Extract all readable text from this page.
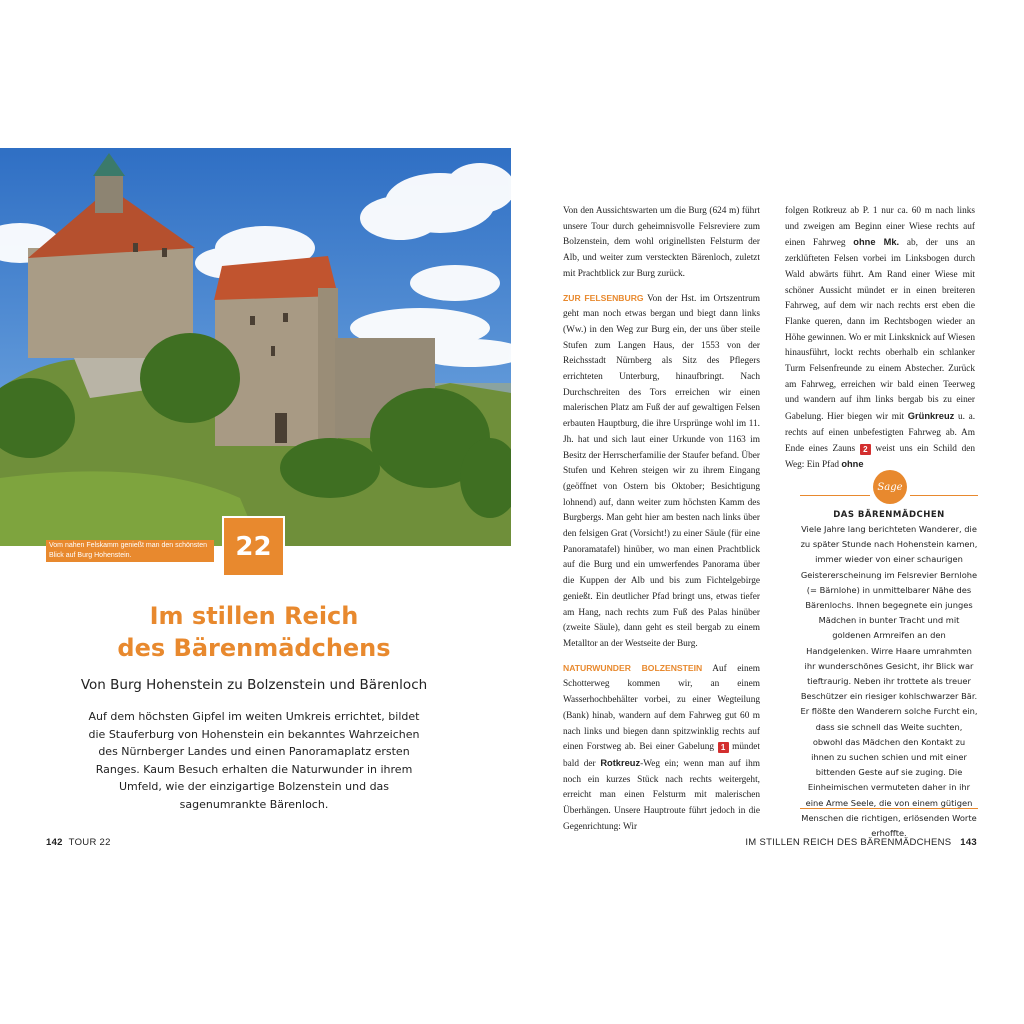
Vom nahen Felskamm genießt man den schönsten Blick auf Burg Hohenstein.	22
Im stillen Reich
des Bärenmädchens
Von Burg Hohenstein zu Bolzenstein und Bärenloch
Auf dem höchsten Gipfel im weiten Umkreis errichtet, bildet die Stauferburg von Hohenstein ein bekanntes Wahrzeichen des Nürnberger Landes und einen Panoramaplatz ersten Ranges. Kaum Besuch erhalten die Naturwunder in ihrem Umfeld, wie der einzigartige Bolzenstein und das sagenumrankte Bärenloch.

Von den Aussichtswarten um die Burg (624 m) führt unsere Tour durch geheimnisvolle Felsreviere zum Bolzenstein, dem wohl originellsten Felsturm der Alb, und weiter zum versteckten Bärenloch, zuletzt mit Prachtblick zur Burg zurück.

ZUR FELSENBURG Von der Hst. im Ortszentrum geht man noch etwas bergan und biegt dann links (Ww.) in den Weg zur Burg ein, der uns über steile Stufen zum Langen Haus, der 1553 von der Reichsstadt Nürnberg als Sitz des Pflegers errichteten Unterburg, hinaufbringt. Nach Durchschreiten des Tors erreichen wir einen malerischen Platz am Fuß der auf gewaltigen Felsen erbauten Hauptburg, die ihre Ursprünge wohl im 11. Jh. hat und sich laut einer Urkunde von 1163 im Besitz der Herrscherfamilie der Staufer befand. Über Stufen und Kehren steigen wir zu ihrem Eingang (geöffnet von Ostern bis Oktober; Besichtigung lohnend) auf, dann weiter zum höchsten Kamm des Burgbergs. Man geht hier am besten nach links über den felsigen Grat (Vorsicht!) zu einer Säule (für eine Panoramatafel) hinüber, wo man einen Prachtblick auf die Burg und ein umwerfendes Panorama über die Kuppen der Alb und bis zum Fichtelgebirge genießt. Ein deutlicher Pfad bringt uns, etwas tiefer am Hang, nach rechts zum Fuß des Palas hinüber (zweite Säule), dann geht es steil bergab zu einem Metalltor an der Westseite der Burg.

NATURWUNDER BOLZENSTEIN Auf einem Schotterweg kommen wir, an einem Wasserhochbehälter vorbei, zu einer Wegteilung (Bank) hinab, wandern auf dem Fahrweg gut 60 m nach links und biegen dann spitzwinklig rechts auf einen Forstweg ab. Bei einer Gabelung 1 mündet bald der Rotkreuz-Weg ein; wenn man auf ihm noch ein kurzes Stück nach rechts weitergeht, erreicht man einen Felsturm mit malerischen Überhängen. Unsere Hauptroute führt jedoch in die Gegenrichtung: Wir

folgen Rotkreuz ab P. 1 nur ca. 60 m nach links und zweigen am Beginn einer Wiese rechts auf einen Fahrweg ohne Mk. ab, der uns an zerklüfteten Felsen vorbei im Linksbogen durch Wald abwärts führt. Am Rand einer Wiese mit schöner Aussicht mündet er in einen breiteren Fahrweg, auf dem wir nach rechts erst eben die Flanke queren, dann im Rechtsbogen wieder an Höhe gewinnen. Wo er mit Linksknick auf Wiesen hinausführt, lockt rechts oberhalb ein schlanker Turm Felsenfreunde zu einem Abstecher. Zurück am Fahrweg, erreichen wir bald einen Teerweg und wandern auf ihm links bergab bis zu einer Gabelung. Hier biegen wir mit Grünkreuz u. a. rechts auf einen unbefestigten Fahrweg ab. Am Ende eines Zauns 2 weist uns ein Schild den Weg: Ein Pfad ohne

Sage
DAS BÄRENMÄDCHEN
Viele Jahre lang berichteten Wanderer, die zu später Stunde nach Hohenstein kamen, immer wieder von einer schaurigen Geistererscheinung im Felsrevier Bernlohe (= Bärnlohe) in unmittelbarer Nähe des Bärenlochs. Ihnen begegnete ein junges Mädchen in bunter Tracht und mit goldenen Armreifen an den Handgelenken. Wirre Haare umrahmten ihr wunderschönes Gesicht, ihr Blick war tieftraurig. Neben ihr trottete als treuer Beschützer ein riesiger kohlschwarzer Bär. Er flößte den Wanderern solche Furcht ein, dass sie schnell das Weite suchten, obwohl das Mädchen den Kontakt zu ihnen zu suchen schien und mit einer bittenden Geste auf sie zuging. Die Einheimischen vermuteten daher in ihr eine Arme Seele, die von einem gütigen Menschen die richtigen, erlösenden Worte erhoffte.
142 TOUR 22	IM STILLEN REICH DES BÄRENMÄDCHENS 143
